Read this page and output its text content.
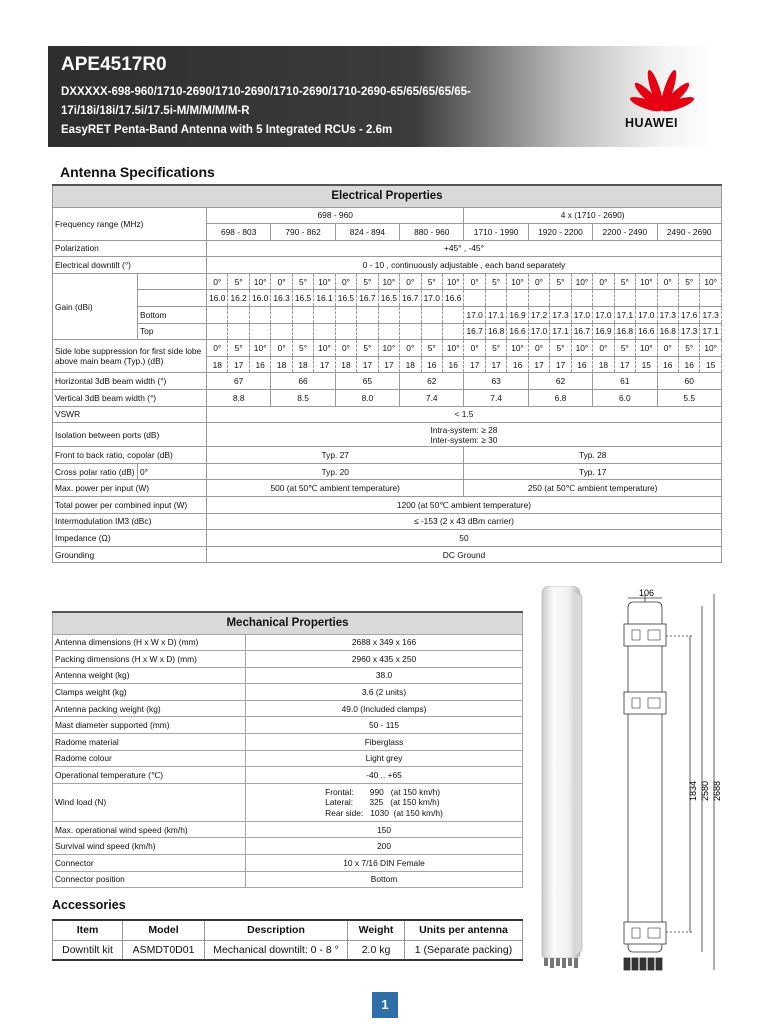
APE4517R0
DXXXXX-698-960/1710-2690/1710-2690/1710-2690/1710-2690-65/65/65/65/65-
17i/18i/18i/17.5i/17.5i-M/M/M/M/M-R
EasyRET Penta-Band Antenna with 5 Integrated RCUs - 2.6m	HUAWEI
Antenna Specifications
Electrical Properties																									
Frequency range (MHz)		698 - 960												4 x (1710 - 2690)											
		698 - 803			790 - 862			824 - 894			880 - 960			1710 - 1990			1920 - 2200			2200 - 2490			2490 - 2690		
Polarization		+45° , -45°																							
Electrical downtilt (°)		0 - 10 , continuously adjustable , each band separately																							
Gain (dBi)		0°	5°	10°	0°	5°	10°	0°	5°	10°	0°	5°	10°	0°	5°	10°	0°	5°	10°	0°	5°	10°	0°	5°	10°
		16.0	16.2	16.0	16.3	16.5	16.1	16.5	16.7	16.5	16.7	17.0	16.6												
	Bottom													17.0	17.1	16.9	17.2	17.3	17.0	17.0	17.1	17.0	17.3	17.6	17.3
	Top													16.7	16.8	16.6	17.0	17.1	16.7	16.9	16.8	16.6	16.8	17.3	17.1
Side lobe suppression for first side lobe above main beam (Typ.) (dB)		0°	5°	10°	0°	5°	10°	0°	5°	10°	0°	5°	10°	0°	5°	10°	0°	5°	10°	0°	5°	10°	0°	5°	10°
		18	17	16	18	18	17	18	17	17	18	16	16	17	17	16	17	17	16	18	17	15	16	16	15
Horizontal 3dB beam width (°)		67			66			65			62			63			62			61			60		
Vertical 3dB beam width (°)		8.8			8.5			8.0			7.4			7.4			6.8			6.0			5.5		
VSWR		< 1.5																							
Isolation between ports (dB)		Intra-system: ≥ 28
Inter-system: ≥ 30																							

Front to back ratio, copolar (dB)		Typ. 27												Typ. 28											
Cross polar ratio (dB)	0°	Typ. 20												Typ. 17											
Max. power per input (W)		500 (at 50℃ ambient temperature)												250 (at 50℃ ambient temperature)											
Total power per combined input (W)		1200 (at 50℃ ambient temperature)																							
Intermodulation IM3 (dBc)		≤ -153 (2 x 43 dBm carrier)																							
Impedance (Ω)		50																							
Grounding		DC Ground																							
Mechanical Properties	
Antenna dimensions (H x W x D) (mm)	2688 x 349 x 166
Packing dimensions (H x W x D) (mm)	2960 x 435 x 250
Antenna weight (kg)	38.0
Clamps weight (kg)	3.6 (2 units)
Antenna packing weight (kg)	49.0 (Included clamps)
Mast diameter supported (mm)	50 - 115
Radome material	Fiberglass
Radome colour	Light grey
Operational temperature (℃)	-40 .. +65
Wind load (N)	Frontal:       990   (at 150 km/h)
Lateral:       325   (at 150 km/h)
Rear side:   1030  (at 150 km/h)

Max. operational wind speed (km/h)	150
Survival wind speed (km/h)	200
Connector	10 x 7/16 DIN Female
Connector position	Bottom
Accessories
Item	Model	Description	Weight	Units per antenna
Downtilt kit	ASMDT0D01	Mechanical downtilt: 0 - 8 °	2.0 kg	1 (Separate packing)
106
1834 2580 2688
1
